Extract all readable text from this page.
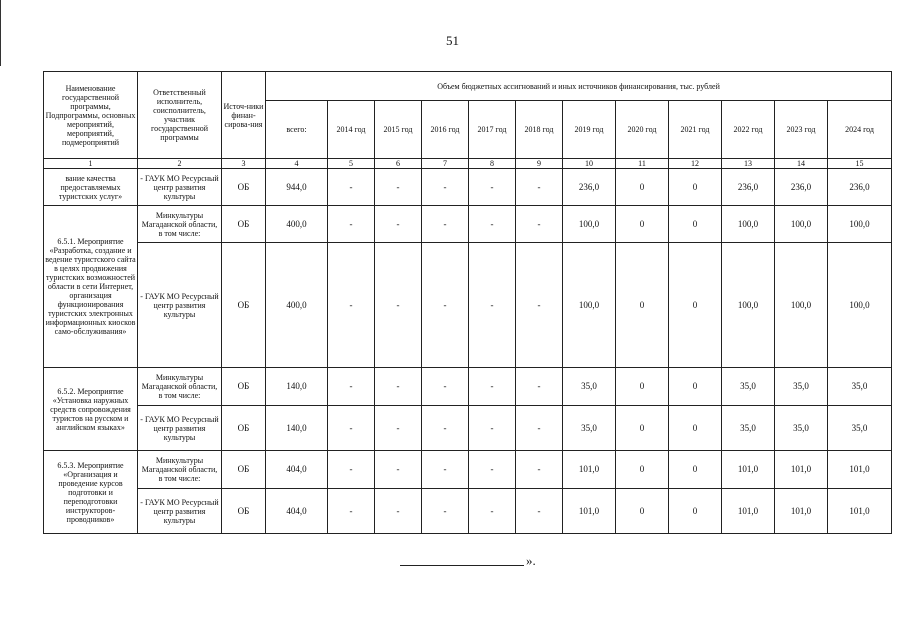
51
Наименование государственной программы, Подпрограммы, основных мероприятий, мероприятий, подмероприятий	Ответственный исполнитель, соисполнитель, участник государственной программы	Источ-ники финан-сирова-ния	Объем бюджетных ассигнований и иных источников финансирования, тыс. рублей											
			всего:	2014 год	2015 год	2016 год	2017 год	2018 год	2019 год	2020 год	2021 год	2022 год	2023 год	2024 год
1	2	3	4	5	6	7	8	9	10	11	12	13	14	15
вание качества предоставляемых туристских услуг»	- ГАУК МО Ресурсный центр развития культуры	ОБ	944,0	-	-	-	-	-	236,0	0	0	236,0	236,0	236,0
6.5.1. Мероприятие «Разработка, создание и ведение туристского сайта в целях продвижения туристских возможностей области в сети Интернет, организация функционирования туристских электронных информационных киосков само-обслуживания»	Минкультуры Магаданской области, в том числе:	ОБ	400,0	-	-	-	-	-	100,0	0	0	100,0	100,0	100,0
	- ГАУК МО Ресурсный центр развития культуры	ОБ	400,0	-	-	-	-	-	100,0	0	0	100,0	100,0	100,0
6.5.2. Мероприятие «Установка наружных средств сопровождения туристов на русском и английском языках»	Минкультуры Магаданской области, в том числе:	ОБ	140,0	-	-	-	-	-	35,0	0	0	35,0	35,0	35,0
	- ГАУК МО Ресурсный центр развития культуры	ОБ	140,0	-	-	-	-	-	35,0	0	0	35,0	35,0	35,0
6.5.3. Мероприятие «Организация и проведение курсов подготовки и переподготовки инструкторов-проводников»	Минкультуры Магаданской области, в том числе:	ОБ	404,0	-	-	-	-	-	101,0	0	0	101,0	101,0	101,0
	- ГАУК МО Ресурсный центр развития культуры	ОБ	404,0	-	-	-	-	-	101,0	0	0	101,0	101,0	101,0
».
